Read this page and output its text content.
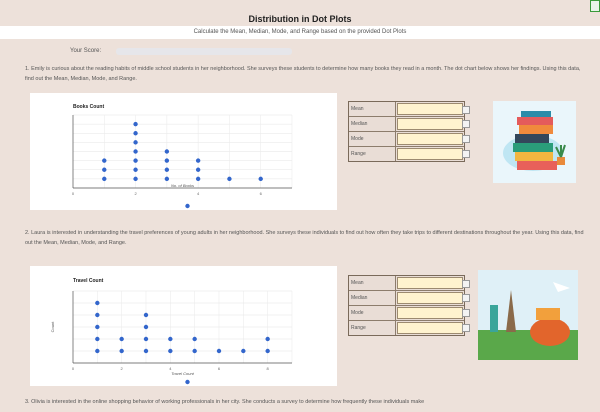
Distribution in Dot Plots
Calculate the Mean, Median, Mode, and Range based on the provided Dot Plots
Your Score:
1. Emily is curious about the reading habits of middle school students in her neighborhood. She surveys these students to determine how many books they read in a month. The dot chart below shows her findings. Using this data, find out the Mean, Median, Mode, and Range.
Books Count
0	2	4	6
No. of Books
2. Laura is interested in understanding the travel preferences of young adults in her neighborhood. She surveys these individuals to find out how often they take trips to different destinations throughout the year. Using this data, find out the Mean, Median, Mode, and Range.
Travel Count
0	2	4	6	8
Travel Count
Count
3. Olivia is interested in the online shopping behavior of working professionals in her city. She conducts a survey to determine how frequently these individuals make
Mean
Median
Mode
Range
Mean
Median
Mode
Range
